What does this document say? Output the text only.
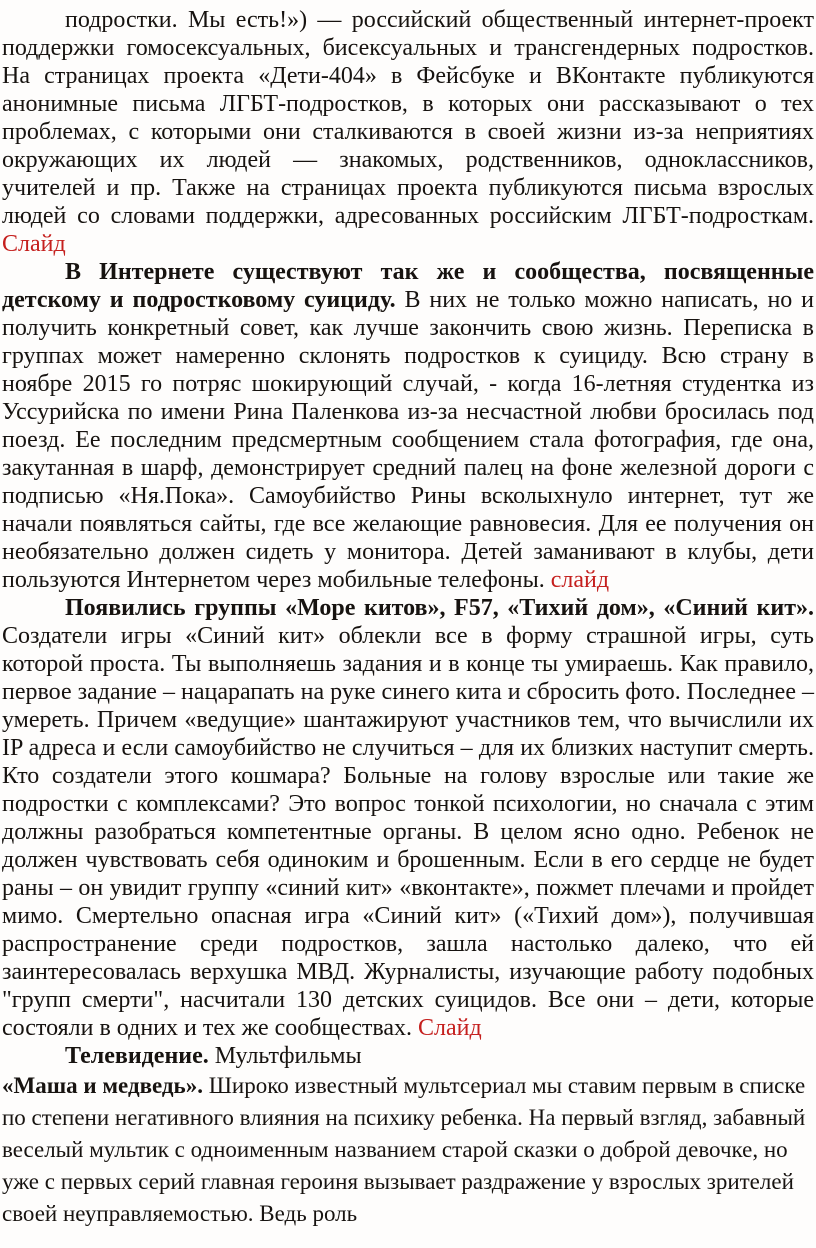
подростки. Мы есть!») — российский общественный интернет-проект поддержки гомосексуальных, бисексуальных и трансгендерных подростков. На страницах проекта «Дети-404» в Фейсбуке и ВКонтакте публикуются анонимные письма ЛГБТ-подростков, в которых они рассказывают о тех проблемах, с которыми они сталкиваются в своей жизни из-за неприятиях окружающих их людей — знакомых, родственников, одноклассников, учителей и пр. Также на страницах проекта публикуются письма взрослых людей со словами поддержки, адресованных российским ЛГБТ-подросткам. Слайд

В Интернете существуют так же и сообщества, посвященные детскому и подростковому суициду. В них не только можно написать, но и получить конкретный совет, как лучше закончить свою жизнь. Переписка в группах может намеренно склонять подростков к суициду. Всю страну в ноябре 2015 го потряс шокирующий случай, - когда 16-летняя студентка из Уссурийска по имени Рина Паленкова из-за несчастной любви бросилась под поезд. Ее последним предсмертным сообщением стала фотография, где она, закутанная в шарф, демонстрирует средний палец на фоне железной дороги с подписью «Ня.Пока». Самоубийство Рины всколыхнуло интернет, тут же начали появляться сайты, где все желающие равновесия. Для ее получения он необязательно должен сидеть у монитора. Детей заманивают в клубы, дети пользуются Интернетом через мобильные телефоны. слайд

Появились группы «Море китов», F57, «Тихий дом», «Синий кит». Создатели игры «Синий кит» облекли все в форму страшной игры, суть которой проста. Ты выполняешь задания и в конце ты умираешь. Как правило, первое задание – нацарапать на руке синего кита и сбросить фото. Последнее – умереть. Причем «ведущие» шантажируют участников тем, что вычислили их IP адреса и если самоубийство не случиться – для их близких наступит смерть. Кто создатели этого кошмара? Больные на голову взрослые или такие же подростки с комплексами? Это вопрос тонкой психологии, но сначала с этим должны разобраться компетентные органы. В целом ясно одно. Ребенок не должен чувствовать себя одиноким и брошенным. Если в его сердце не будет раны – он увидит группу «синий кит» «вконтакте», пожмет плечами и пройдет мимо. Смертельно опасная игра «Синий кит» («Тихий дом»), получившая распространение среди подростков, зашла настолько далеко, что ей заинтересовалась верхушка МВД. Журналисты, изучающие работу подобных "групп смерти", насчитали 130 детских суицидов. Все они – дети, которые состояли в одних и тех же сообществах. Слайд

Телевидение. Мультфильмы

«Маша и медведь». Широко известный мультсериал мы ставим первым в списке по степени негативного влияния на психику ребенка. На первый взгляд, забавный веселый мультик с одноименным названием старой сказки о доброй девочке, но уже с первых серий главная героиня вызывает раздражение у взрослых зрителей своей неуправляемостью. Ведь роль
